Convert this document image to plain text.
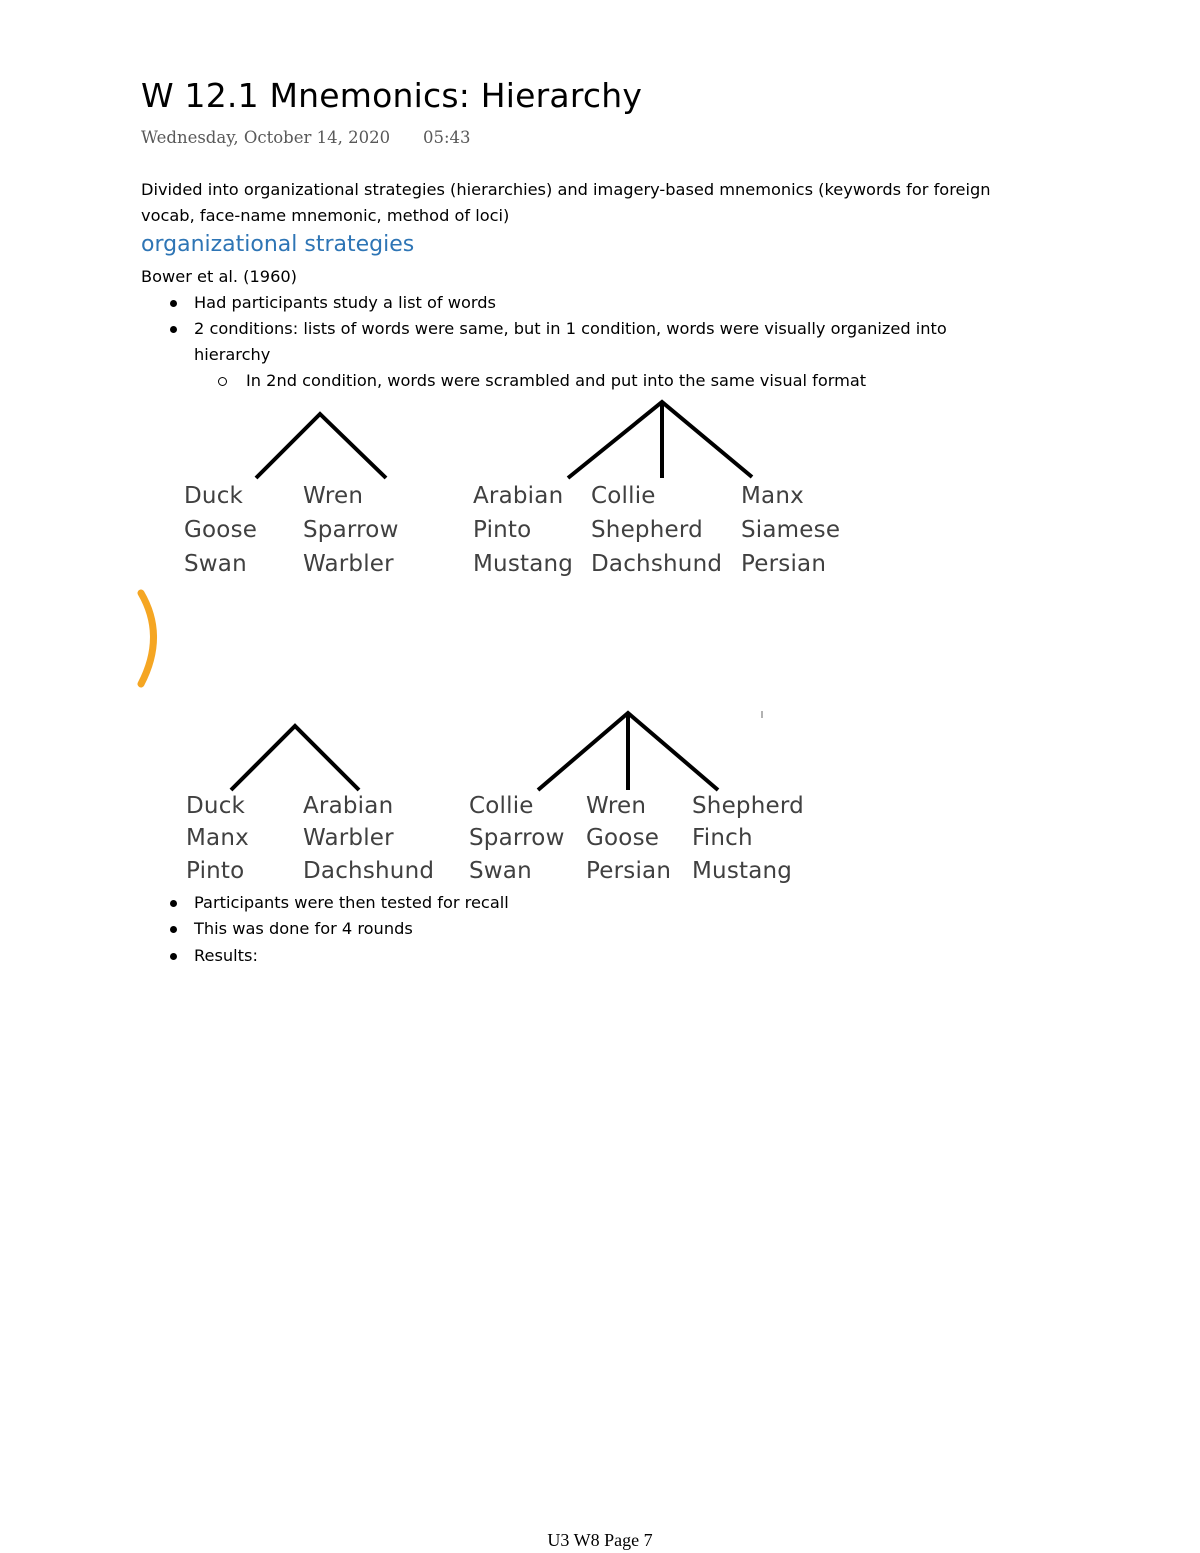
W 12.1 Mnemonics: Hierarchy
Wednesday, October 14, 2020 05:43
Divided into organizational strategies (hierarchies) and imagery-based mnemonics (keywords for foreign
vocab, face-name mnemonic, method of loci)
organizational strategies
Bower et al. (1960)
Had participants study a list of words
2 conditions: lists of words were same, but in 1 condition, words were visually organized into
hierarchy
In 2nd condition, words were scrambled and put into the same visual format
Duck
Goose
Swan
Wren
Sparrow
Warbler
Arabian
Pinto
Mustang
Collie
Shepherd
Dachshund
Manx
Siamese
Persian
Duck
Manx
Pinto
Arabian
Warbler
Dachshund
Collie
Sparrow
Swan
Wren
Goose
Persian
Shepherd
Finch
Mustang
Participants were then tested for recall
This was done for 4 rounds
Results:
U3 W8 Page 7
